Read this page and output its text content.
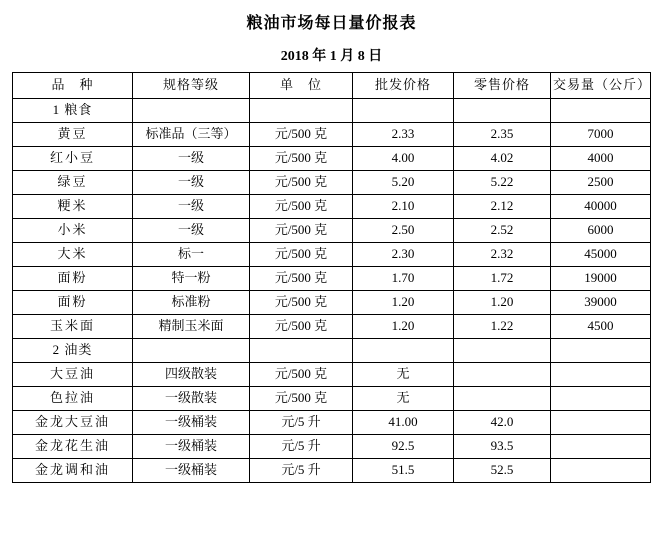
粮油市场每日量价报表
2018 年 1 月 8 日
品　种	规格等级	单　位	批发价格	零售价格	交易量（公斤）
1 粮食					
黄豆	标准品（三等）	元/500 克	2.33	2.35	7000
红小豆	一级	元/500 克	4.00	4.02	4000
绿豆	一级	元/500 克	5.20	5.22	2500
粳米	一级	元/500 克	2.10	2.12	40000
小米	一级	元/500 克	2.50	2.52	6000
大米	标一	元/500 克	2.30	2.32	45000
面粉	特一粉	元/500 克	1.70	1.72	19000
面粉	标准粉	元/500 克	1.20	1.20	39000
玉米面	精制玉米面	元/500 克	1.20	1.22	4500
2 油类					
大豆油	四级散装	元/500 克	无		
色拉油	一级散装	元/500 克	无		
金龙大豆油	一级桶装	元/5 升	41.00	42.0	
金龙花生油	一级桶装	元/5 升	92.5	93.5	
金龙调和油	一级桶装	元/5 升	51.5	52.5	
